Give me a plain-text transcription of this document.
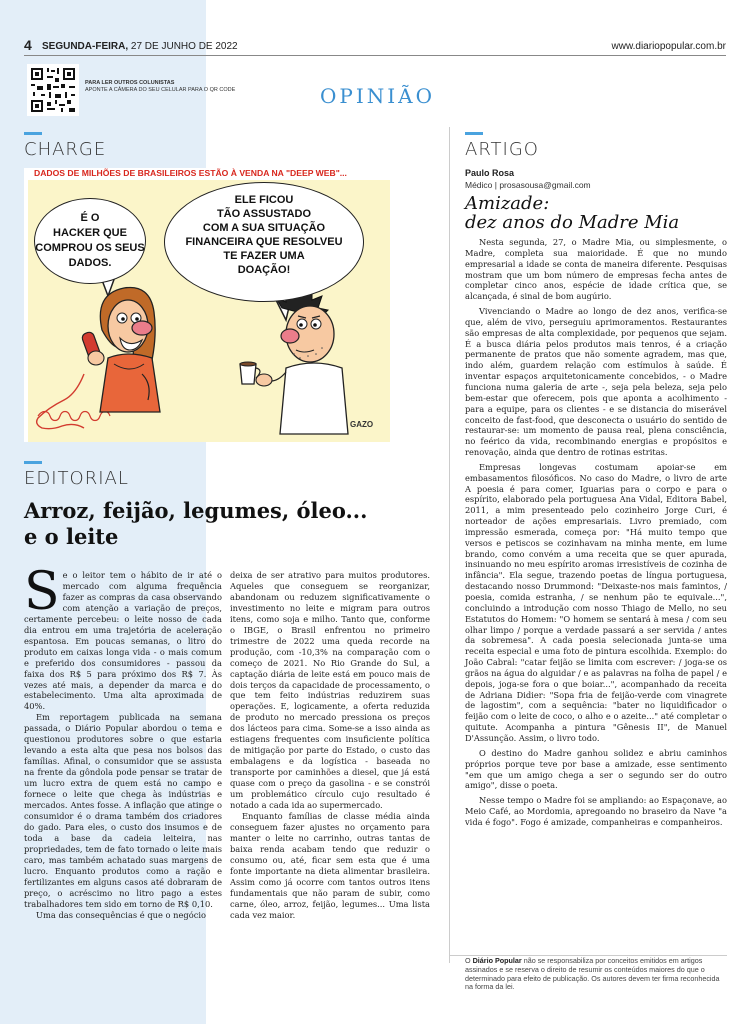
4 SEGUNDA-FEIRA, 27 DE JUNHO DE 2022	www.diariopopular.com.br
PARA LER OUTROS COLUNISTAS
APONTE A CÂMERA DO SEU CELULAR PARA O QR CODE	OPINIÃO
CHARGE
DADOS DE MILHÕES DE BRASILEIROS ESTÃO À VENDA NA "DEEP WEB"...
É O
HACKER QUE
COMPROU OS SEUS
DADOS.
ELE FICOU
TÃO ASSUSTADO
COM A SUA SITUAÇÃO
FINANCEIRA QUE RESOLVEU
TE FAZER UMA
DOAÇÃO!
GAZO
EDITORIAL
Arroz, feijão, legumes, óleo...
e o leite
S e o leitor tem o hábito de ir até o mercado com alguma frequência fazer as compras da casa observando com atenção a variação de preços, certamente percebeu: o leite nosso de cada dia entrou em uma trajetória de aceleração espantosa. Em poucas semanas, o litro do produto em caixas longa vida - o mais comum e preferido dos consumidores - passou da faixa dos R$ 5 para próximo dos R$ 7. Às vezes até mais, a depender da marca e do estabelecimento. Uma alta aproximada de 40%.

Em reportagem publicada na semana passada, o Diário Popular abordou o tema e questionou produtores sobre o que estaria levando a esta alta que pesa nos bolsos das famílias. Afinal, o consumidor que se assusta na frente da gôndola pode pensar se tratar de um lucro extra de quem está no campo e fornece o leite que chega às indústrias e mercados. Antes fosse. A inflação que atinge o consumidor é o drama também dos criadores do gado. Para eles, o custo dos insumos e de toda a base da cadeia leiteira, nas propriedades, tem de fato tornado o leite mais caro, mas também achatado suas margens de lucro. Enquanto produtos como a ração e fertilizantes em alguns casos até dobraram de preço, o acréscimo no litro pago a estes trabalhadores tem sido em torno de R$ 0,10.

Uma das consequências é que o negócio

deixa de ser atrativo para muitos produtores. Aqueles que conseguem se reorganizar, abandonam ou reduzem significativamente o investimento no leite e migram para outros itens, como soja e milho. Tanto que, conforme o IBGE, o Brasil enfrentou no primeiro trimestre de 2022 uma queda recorde na produção, com -10,3% na comparação com o começo de 2021. No Rio Grande do Sul, a captação diária de leite está em pouco mais de dois terços da capacidade de processamento, o que tem feito indústrias reduzirem suas operações. E, logicamente, a oferta reduzida de produto no mercado pressiona os preços dos lácteos para cima. Some-se a isso ainda as estiagens frequentes com insuficiente política de mitigação por parte do Estado, o custo das embalagens e da logística - baseada no transporte por caminhões a diesel, que já está quase com o preço da gasolina - e se constrói um problemático círculo cujo resultado é notado a cada ida ao supermercado.

Enquanto famílias de classe média ainda conseguem fazer ajustes no orçamento para manter o leite no carrinho, outras tantas de baixa renda acabam tendo que reduzir o consumo ou, até, ficar sem esta que é uma fonte importante na dieta alimentar brasileira. Assim como já ocorre com tantos outros itens fundamentais que não param de subir, como carne, óleo, arroz, feijão, legumes... Uma lista cada vez maior.

ARTIGO
Paulo Rosa
Médico | prosasousa@gmail.com
Amizade:
dez anos do Madre Mia

Nesta segunda, 27, o Madre Mia, ou simplesmente, o Madre, completa sua maioridade. É que no mundo empresarial a idade se conta de maneira diferente. Pesquisas mostram que um bom número de empresas fecha antes de completar cinco anos, espécie de idade crítica que, se alcançada, é sinal de bom augúrio.

Vivenciando o Madre ao longo de dez anos, verifica-se que, além de vivo, perseguiu aprimoramentos. Restaurantes são empresas de alta complexidade, por pequenos que sejam. É a busca diária pelos produtos mais tenros, é a criação permanente de pratos que não somente agradem, mas que, indo além, guardem relação com estímulos à saúde. É inventar espaços arquitetonicamente concebidos, - o Madre funciona numa galeria de arte -, seja pela beleza, seja pelo bem-estar que oferecem, pois que aponta a acolhimento - para a equipe, para os clientes - e se distancia do miserável conceito de fast-food, que desconecta o usuário do sentido de restaurar-se: um momento de pausa real, plena consciência, no feérico da vida, recombinando energias e propósitos e renovação, ainda que dentro de rotinas estritas.

Empresas longevas costumam apoiar-se em embasamentos filosóficos. No caso do Madre, o livro de arte A poesia é para comer, Iguarias para o corpo e para o espírito, elaborado pela portuguesa Ana Vidal, Editora Babel, 2011, a mim presenteado pelo cozinheiro Jorge Curi, é norteador de ações empresariais. Livro premiado, com impressão esmerada, começa por: "Há muito tempo que versos e petiscos se cozinhavam na minha mente, em lume brando, como convém a uma receita que se quer apurada, insinuando no meu espírito aromas irresistíveis de cozinha de infância". Ela segue, trazendo poetas de língua portuguesa, destacando nosso Drummond: "Deixaste-nos mais famintos, / poesia, comida estranha, / se nenhum pão te equivale...", concluindo a introdução com nosso Thiago de Mello, no seu Estatutos do Homem: "O homem se sentará à mesa / com seu olhar limpo / porque a verdade passará a ser servida / antes da sobremesa". A cada poesia selecionada junta-se uma receita especial e uma foto de pintura escolhida. Exemplo: do João Cabral: "catar feijão se limita com escrever: / joga-se os grãos na água do alguidar / e as palavras na folha de papel / e depois, joga-se fora o que boiar...", acompanhado da receita de Adriana Didier: "Sopa fria de feijão-verde com vinagrete de lagostim", com a sequência: "bater no liquidificador o feijão com o leite de coco, o alho e o azeite..." até completar o quitute. Acompanha a pintura "Gênesis II", de Manuel D'Assunção. Assim, o livro todo.

O destino do Madre ganhou solidez e abriu caminhos próprios porque teve por base a amizade, esse sentimento "em que um amigo chega a ser o segundo ser do outro amigo", disse o poeta.

Nesse tempo o Madre foi se ampliando: ao Espaçonave, ao Meio Café, ao Mordomia, apregoando no braseiro da Nave "a vida é fogo". Fogo é amizade, companheiras e companheiros.

O Diário Popular não se responsabiliza por conceitos emitidos em artigos assinados e se reserva o direito de resumir os conteúdos maiores do que o determinado para efeito de publicação. Os autores devem ter firma reconhecida na forma da lei.
